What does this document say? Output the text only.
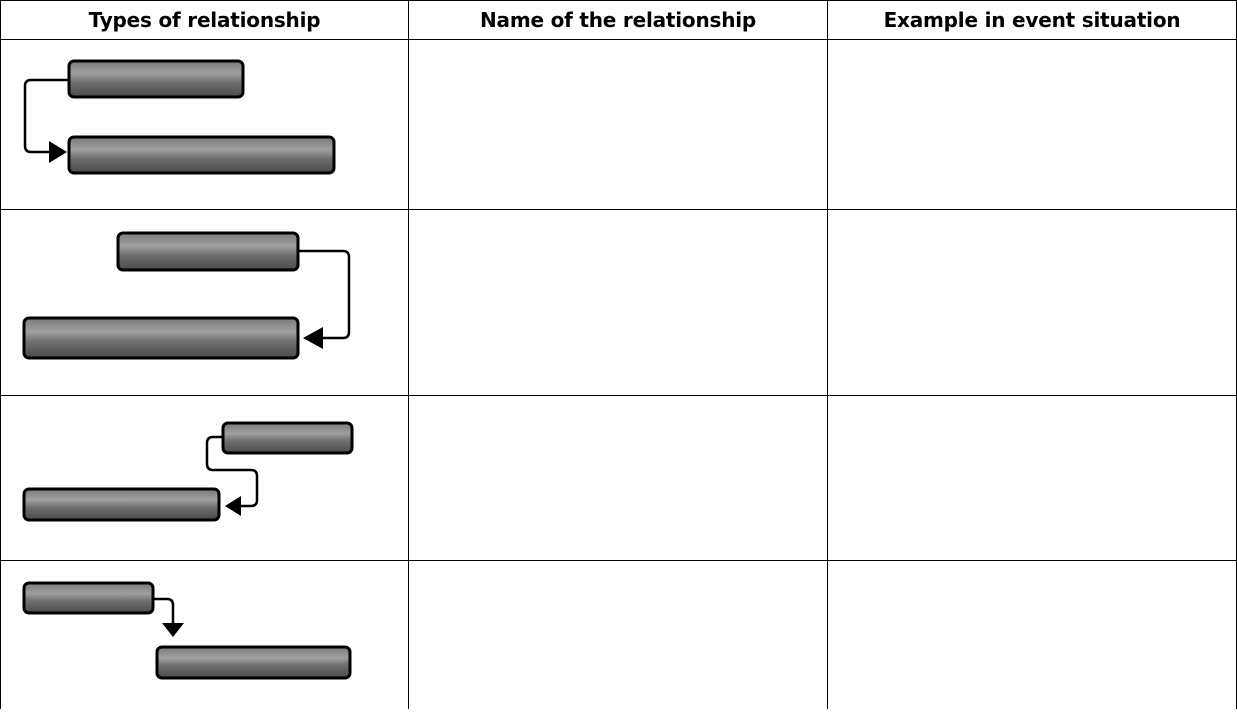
Types of relationship	Name of the relationship	Example in event situation
